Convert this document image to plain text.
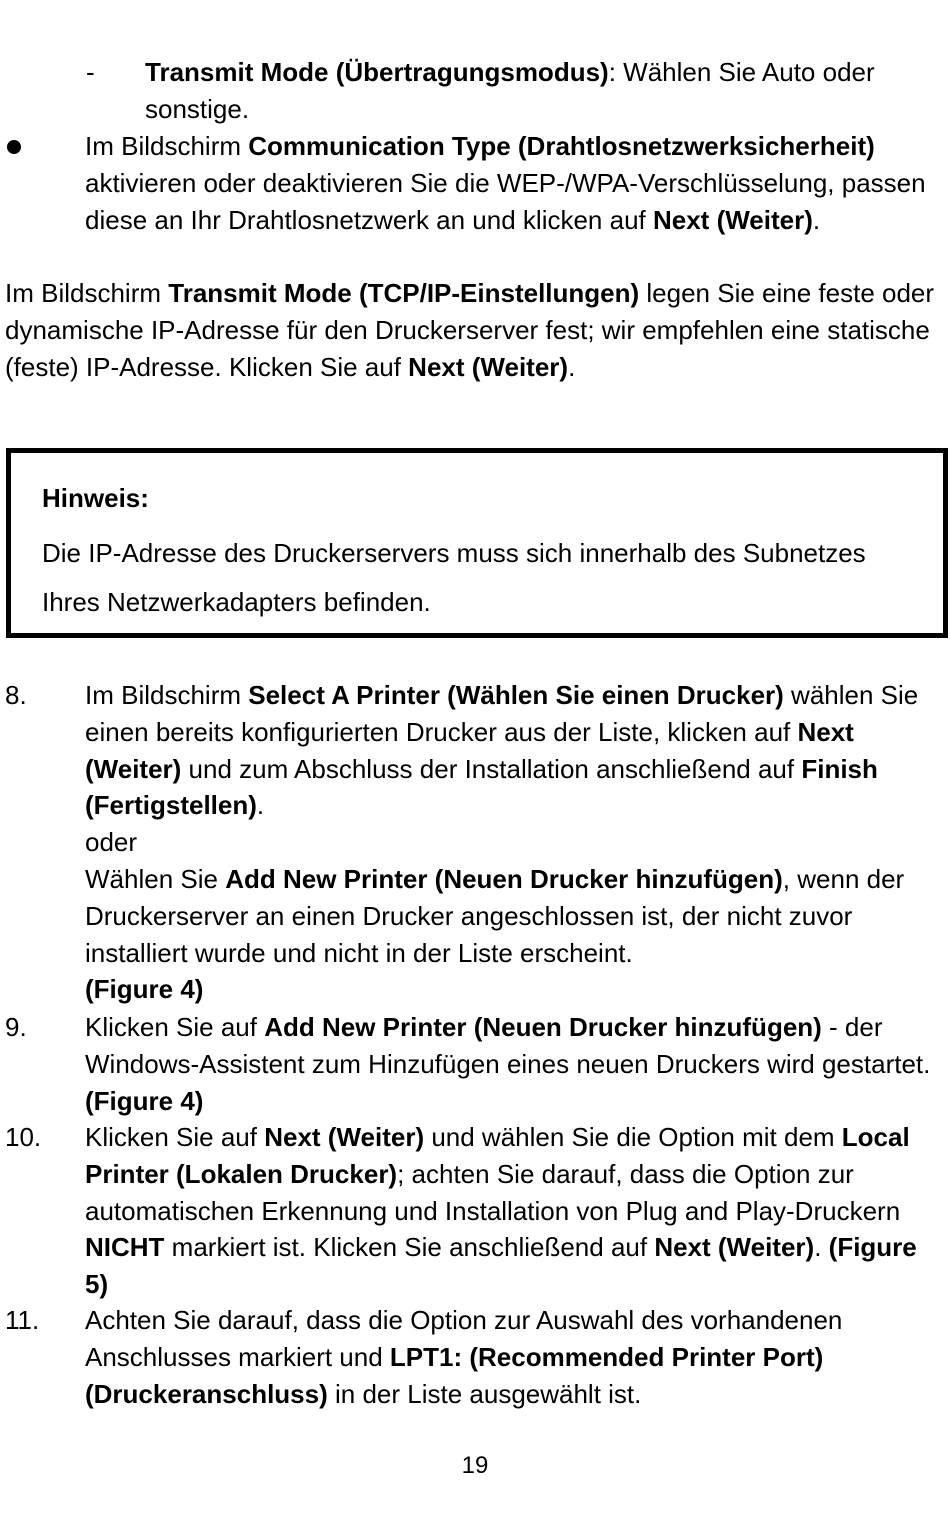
- Transmit Mode (Übertragungsmodus): Wählen Sie Auto oder sonstige.
Im Bildschirm Communication Type (Drahtlosnetzwerksicherheit) aktivieren oder deaktivieren Sie die WEP-/WPA-Verschlüsselung, passen diese an Ihr Drahtlosnetzwerk an und klicken auf Next (Weiter).
Im Bildschirm Transmit Mode (TCP/IP-Einstellungen) legen Sie eine feste oder dynamische IP-Adresse für den Druckerserver fest; wir empfehlen eine statische (feste) IP-Adresse. Klicken Sie auf Next (Weiter).
Hinweis:
Die IP-Adresse des Druckerservers muss sich innerhalb des Subnetzes Ihres Netzwerkadapters befinden.
8. Im Bildschirm Select A Printer (Wählen Sie einen Drucker) wählen Sie einen bereits konfigurierten Drucker aus der Liste, klicken auf Next (Weiter) und zum Abschluss der Installation anschließend auf Finish (Fertigstellen).
oder
Wählen Sie Add New Printer (Neuen Drucker hinzufügen), wenn der Druckerserver an einen Drucker angeschlossen ist, der nicht zuvor installiert wurde und nicht in der Liste erscheint.
(Figure 4)
9. Klicken Sie auf Add New Printer (Neuen Drucker hinzufügen) - der Windows-Assistent zum Hinzufügen eines neuen Druckers wird gestartet. (Figure 4)
10. Klicken Sie auf Next (Weiter) und wählen Sie die Option mit dem Local Printer (Lokalen Drucker); achten Sie darauf, dass die Option zur automatischen Erkennung und Installation von Plug and Play-Druckern NICHT markiert ist. Klicken Sie anschließend auf Next (Weiter). (Figure 5)
11. Achten Sie darauf, dass die Option zur Auswahl des vorhandenen Anschlusses markiert und LPT1: (Recommended Printer Port) (Druckeranschluss) in der Liste ausgewählt ist.
19
